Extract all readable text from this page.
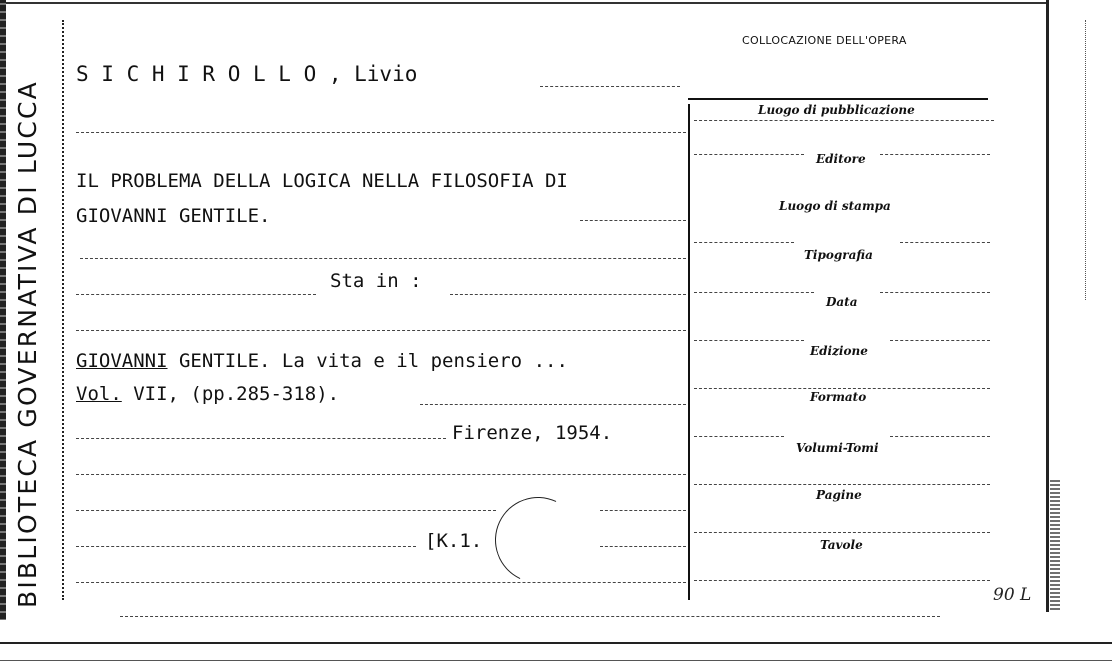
BIBLIOTECA GOVERNATIVA DI LUCCA
S I C H I R O L L O , Livio
IL PROBLEMA DELLA LOGICA NELLA FILOSOFIA DI
GIOVANNI GENTILE.
Sta in :
GIOVANNI GENTILE. La vita e il pensiero ...
Vol. VII, (pp.285-318).
Firenze, 1954.
[K.1.
COLLOCAZIONE DELL'OPERA
Luogo di pubblicazione
Editore
Luogo di stampa
Tipografia
Data
Edizione
Formato
Volumi-Tomi
Pagine
Tavole
90 L
